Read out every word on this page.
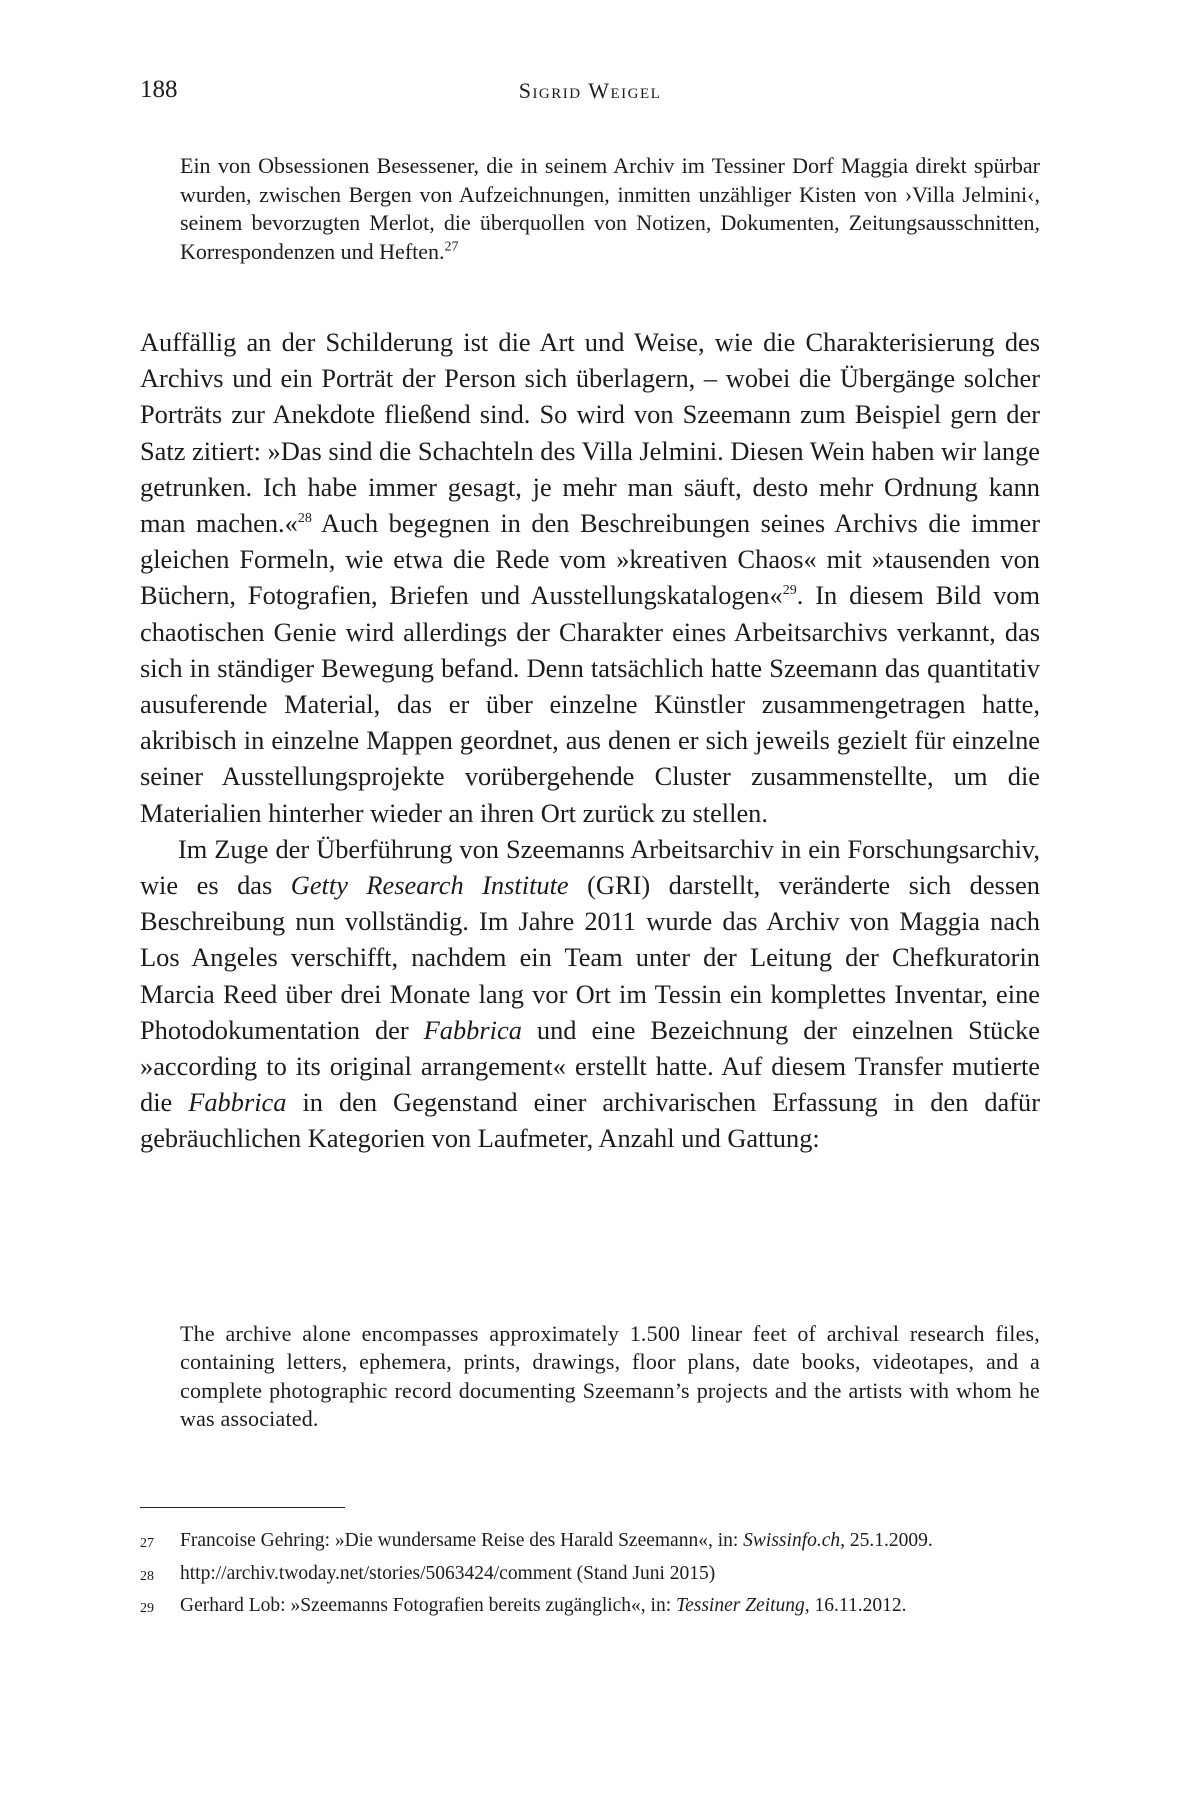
188	Sigrid Weigel
Ein von Obsessionen Besessener, die in seinem Archiv im Tessiner Dorf Maggia direkt spürbar wurden, zwischen Bergen von Aufzeichnungen, inmitten unzähliger Kisten von ›Villa Jelmini‹, seinem bevorzugten Merlot, die überquollen von Notizen, Dokumenten, Zeitungsausschnitten, Korrespondenzen und Heften.$^{27}$

Auffällig an der Schilderung ist die Art und Weise, wie die Charakterisierung des Archivs und ein Porträt der Person sich überlagern, – wobei die Übergänge solcher Porträts zur Anekdote fließend sind. So wird von Szeemann zum Beispiel gern der Satz zitiert: »Das sind die Schachteln des Villa Jelmini. Diesen Wein haben wir lange getrunken. Ich habe immer gesagt, je mehr man säuft, desto mehr Ordnung kann man machen.«$^{28}$ Auch begegnen in den Beschreibungen seines Archivs die immer gleichen Formeln, wie etwa die Rede vom »kreativen Chaos« mit »tausenden von Büchern, Fotografien, Briefen und Ausstellungskatalogen«$^{29}$. In diesem Bild vom chaotischen Genie wird allerdings der Charakter eines Arbeitsarchivs verkannt, das sich in ständiger Bewegung befand. Denn tatsächlich hatte Szeemann das quantitativ ausuferende Material, das er über einzelne Künstler zusammengetragen hatte, akribisch in einzelne Mappen geordnet, aus denen er sich jeweils gezielt für einzelne seiner Ausstellungsprojekte vorübergehende Cluster zusammenstellte, um die Materialien hinterher wieder an ihren Ort zurück zu stellen.

Im Zuge der Überführung von Szeemanns Arbeitsarchiv in ein Forschungsarchiv, wie es das Getty Research Institute (GRI) darstellt, veränderte sich dessen Beschreibung nun vollständig. Im Jahre 2011 wurde das Archiv von Maggia nach Los Angeles verschifft, nachdem ein Team unter der Leitung der Chefkuratorin Marcia Reed über drei Monate lang vor Ort im Tessin ein komplettes Inventar, eine Photodokumentation der Fabbrica und eine Bezeichnung der einzelnen Stücke »according to its original arrangement« erstellt hatte. Auf diesem Transfer mutierte die Fabbrica in den Gegenstand einer archivarischen Erfassung in den dafür gebräuchlichen Kategorien von Laufmeter, Anzahl und Gattung:

The archive alone encompasses approximately 1.500 linear feet of archival research files, containing letters, ephemera, prints, drawings, floor plans, date books, videotapes, and a complete photographic record documenting Szeemann’s projects and the artists with whom he was associated.
27	Francoise Gehring: »Die wundersame Reise des Harald Szeemann«, in: Swissinfo.ch, 25.1.2009.
28	http://archiv.twoday.net/stories/5063424/comment (Stand Juni 2015)
29	Gerhard Lob: »Szeemanns Fotografien bereits zugänglich«, in: Tessiner Zeitung, 16.11.2012.
